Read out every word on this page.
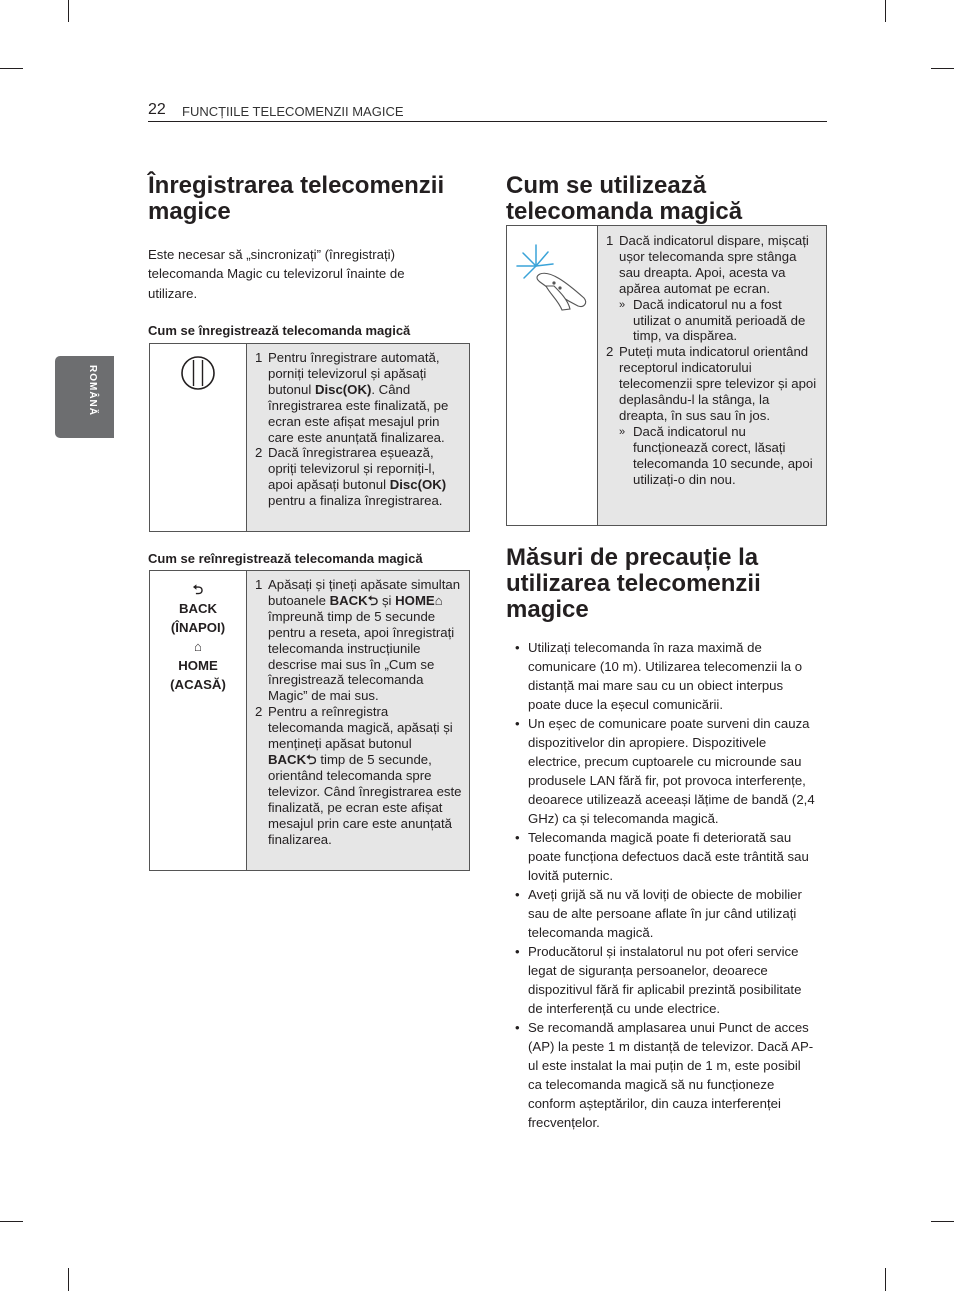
22 FUNCȚIILE TELECOMENZII MAGICE
ROMÂNĂ
Înregistrarea telecomenzii
magice
Este necesar să „sincronizați” (înregistrați)
telecomanda Magic cu televizorul înainte de
utilizare.
Cum se înregistrează telecomanda magică

1 Pentru înregistrare automată, porniți televizorul și apăsați butonul Disc(OK). Când înregistrarea este finalizată, pe ecran este afișat mesajul prin care este anunțată finalizarea.
2 Dacă înregistrarea eșuează, opriți televizorul și reporniți-l, apoi apăsați butonul Disc(OK) pentru a finaliza înregistrarea.
Cum se reînregistrează telecomanda magică
⮌
BACK
(ÎNAPOI)
⌂
HOME
(ACASĂ)

1 Apăsați și țineți apăsate simultan butoanele BACK⮌ și HOME⌂ împreună timp de 5 secunde pentru a reseta, apoi înregistrați telecomanda instrucțiunile descrise mai sus în „Cum se înregistrează telecomanda Magic” de mai sus.
2 Pentru a reînregistra telecomanda magică, apăsați și mențineți apăsat butonul BACK⮌ timp de 5 secunde, orientând telecomanda spre televizor. Când înregistrarea este finalizată, pe ecran este afișat mesajul prin care este anunțată finalizarea.
Cum se utilizează
telecomanda magică

1 Dacă indicatorul dispare, mișcați ușor telecomanda spre stânga sau dreapta. Apoi, acesta va apărea automat pe ecran.
» Dacă indicatorul nu a fost utilizat o anumită perioadă de timp, va dispărea.
2 Puteți muta indicatorul orientând receptorul indicatorului telecomenzii spre televizor și apoi deplasându-l la stânga, la dreapta, în sus sau în jos.
» Dacă indicatorul nu funcționează corect, lăsați telecomanda 10 secunde, apoi utilizați-o din nou.
Măsuri de precauție la
utilizarea telecomenzii
magice
• Utilizați telecomanda în raza maximă de comunicare (10 m). Utilizarea telecomenzii la o distanță mai mare sau cu un obiect interpus poate duce la eșecul comunicării.
• Un eșec de comunicare poate surveni din cauza dispozitivelor din apropiere. Dispozitivele electrice, precum cuptoarele cu microunde sau produsele LAN fără fir, pot provoca interferențe, deoarece utilizează aceeași lățime de bandă (2,4 GHz) ca și telecomanda magică.
• Telecomanda magică poate fi deteriorată sau poate funcționa defectuos dacă este trântită sau lovită puternic.
• Aveți grijă să nu vă loviți de obiecte de mobilier sau de alte persoane aflate în jur când utilizați telecomanda magică.
• Producătorul și instalatorul nu pot oferi service legat de siguranța persoanelor, deoarece dispozitivul fără fir aplicabil prezintă posibilitate de interferență cu unde electrice.
• Se recomandă amplasarea unui Punct de acces (AP) la peste 1 m distanță de televizor. Dacă AP-ul este instalat la mai puțin de 1 m, este posibil ca telecomanda magică să nu funcționeze conform așteptărilor, din cauza interferenței frecvențelor.
